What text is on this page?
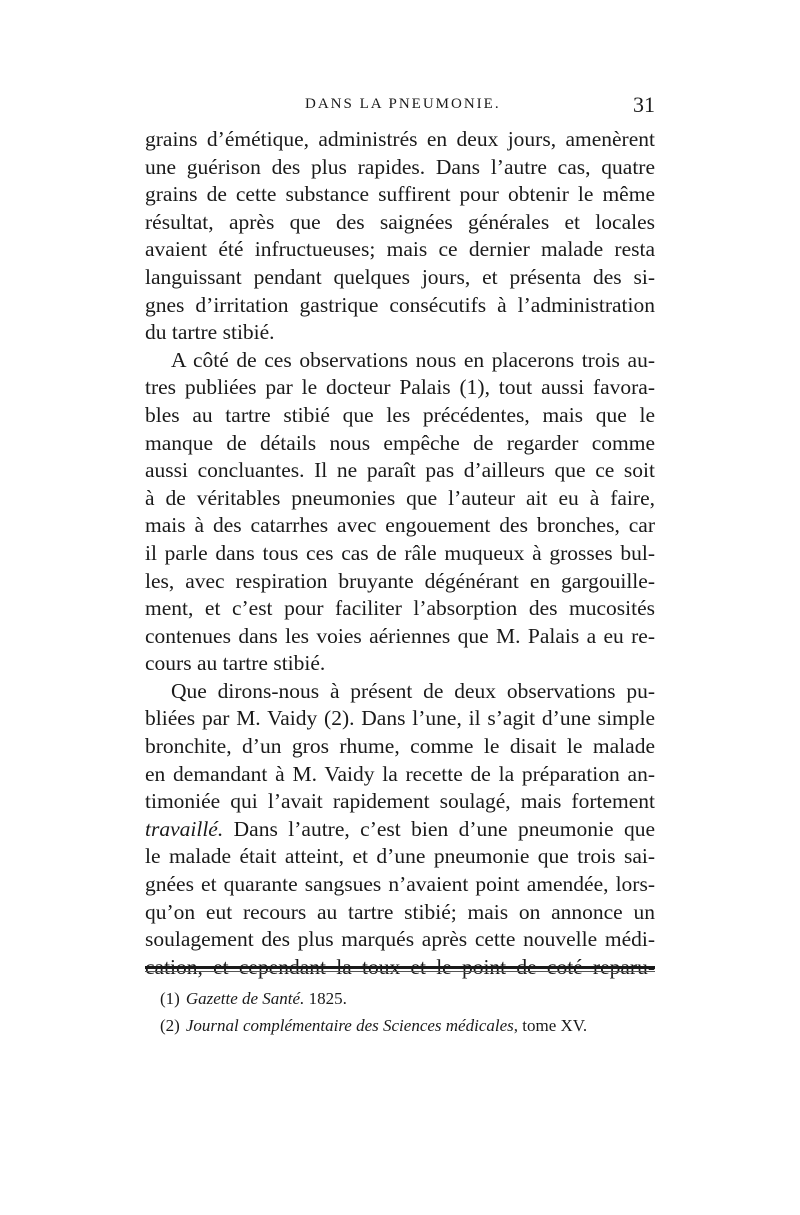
DANS LA PNEUMONIE.	31
grains d’émétique, administrés en deux jours, amenèrent
une guérison des plus rapides. Dans l’autre cas, quatre
grains de cette substance suffirent pour obtenir le même
résultat, après que des saignées générales et locales
avaient été infructueuses; mais ce dernier malade resta
languissant pendant quelques jours, et présenta des si-
gnes d’irritation gastrique consécutifs à l’administration
du tartre stibié.
A côté de ces observations nous en placerons trois au-
tres publiées par le docteur Palais (1), tout aussi favora-
bles au tartre stibié que les précédentes, mais que le
manque de détails nous empêche de regarder comme
aussi concluantes. Il ne paraît pas d’ailleurs que ce soit
à de véritables pneumonies que l’auteur ait eu à faire,
mais à des catarrhes avec engouement des bronches, car
il parle dans tous ces cas de râle muqueux à grosses bul-
les, avec respiration bruyante dégénérant en gargouille-
ment, et c’est pour faciliter l’absorption des mucosités
contenues dans les voies aériennes que M. Palais a eu re-
cours au tartre stibié.
Que dirons-nous à présent de deux observations pu-
bliées par M. Vaidy (2). Dans l’une, il s’agit d’une simple
bronchite, d’un gros rhume, comme le disait le malade
en demandant à M. Vaidy la recette de la préparation an-
timoniée qui l’avait rapidement soulagé, mais fortement
travaillé. Dans l’autre, c’est bien d’une pneumonie que
le malade était atteint, et d’une pneumonie que trois sai-
gnées et quarante sangsues n’avaient point amendée, lors-
qu’on eut recours au tartre stibié; mais on annonce un
soulagement des plus marqués après cette nouvelle médi-
cation, et cependant la toux et le point de coté reparu-
(1) Gazette de Santé. 1825.
(2) Journal complémentaire des Sciences médicales, tome XV.
